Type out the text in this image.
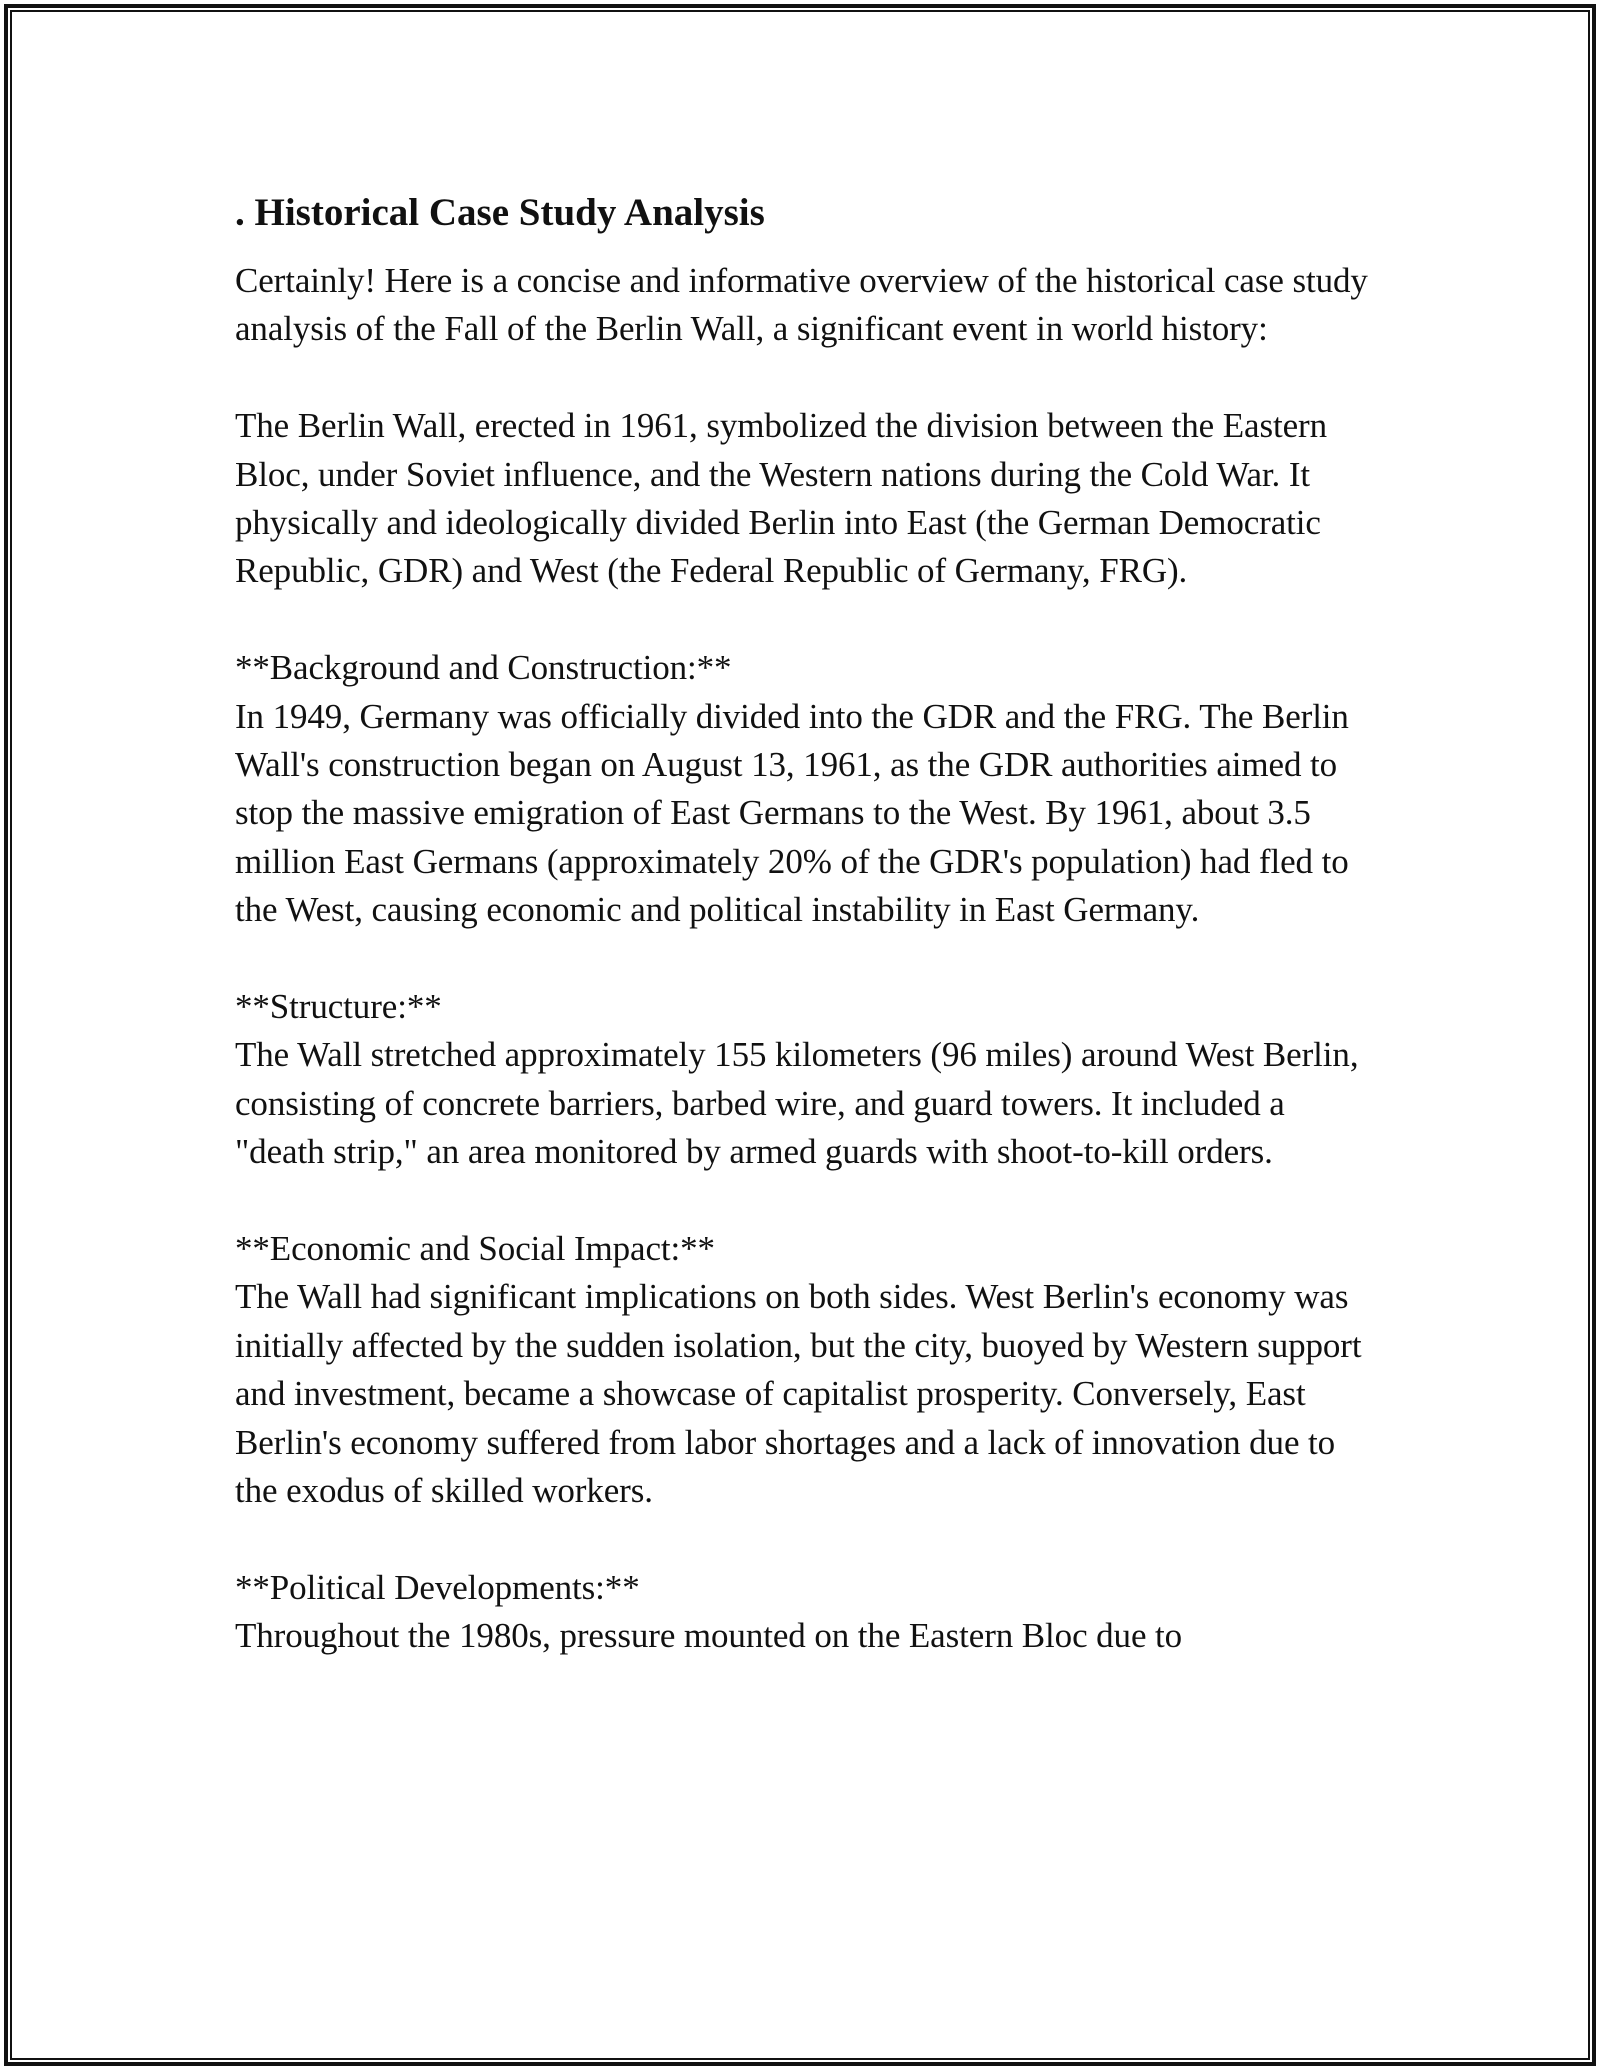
. Historical Case Study Analysis

Certainly! Here is a concise and informative overview of the historical case study analysis of the Fall of the Berlin Wall, a significant event in world history:

The Berlin Wall, erected in 1961, symbolized the division between the Eastern Bloc, under Soviet influence, and the Western nations during the Cold War. It physically and ideologically divided Berlin into East (the German Democratic Republic, GDR) and West (the Federal Republic of Germany, FRG).

**Background and Construction:**
In 1949, Germany was officially divided into the GDR and the FRG. The Berlin Wall's construction began on August 13, 1961, as the GDR authorities aimed to stop the massive emigration of East Germans to the West. By 1961, about 3.5 million East Germans (approximately 20% of the GDR's population) had fled to the West, causing economic and political instability in East Germany.

**Structure:**
The Wall stretched approximately 155 kilometers (96 miles) around West Berlin, consisting of concrete barriers, barbed wire, and guard towers. It included a "death strip," an area monitored by armed guards with shoot-to-kill orders.

**Economic and Social Impact:**
The Wall had significant implications on both sides. West Berlin's economy was initially affected by the sudden isolation, but the city, buoyed by Western support and investment, became a showcase of capitalist prosperity. Conversely, East Berlin's economy suffered from labor shortages and a lack of innovation due to the exodus of skilled workers.

**Political Developments:**
Throughout the 1980s, pressure mounted on the Eastern Bloc due to
